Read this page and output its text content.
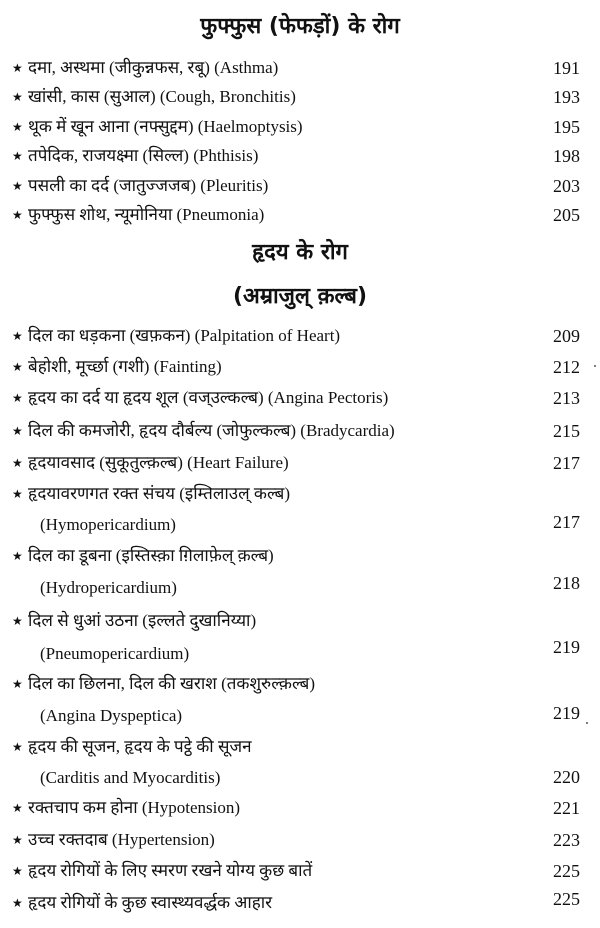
फुफ्फुस (फेफड़ों) के रोग
★ दमा, अस्थमा (जीकुन्नफस, रबू) (Asthma)	191
★ खांसी, कास (सुआल) (Cough, Bronchitis)	193
★ थूक में खून आना (नफ्सुद्दम) (Haelmoptysis)	195
★ तपेदिक, राजयक्ष्मा (सिल्ल) (Phthisis)	198
★ पसली का दर्द (जातुज्जजब) (Pleuritis)	203
★ फुफ्फुस शोथ, न्यूमोनिया (Pneumonia)	205
हृदय के रोग
(अम्राजुल् क़ल्ब)
★ दिल का धड़कना (खफ़कन) (Palpitation of Heart)	209
★ बेहोशी, मूर्च्छा (गशी) (Fainting)	212
★ हृदय का दर्द या हृदय शूल (वज्उल्कल्ब) (Angina Pectoris)	213
★ दिल की कमजोरी, हृदय दौर्बल्य (जोफुल्कल्ब) (Bradycardia)	215
★ हृदयावसाद (सुकूतुल्क़ल्ब) (Heart Failure)	217
★ हृदयावरणगत रक्त संचय (इम्तिलाउल् कल्ब)
(Hymopericardium)	217
★ दिल का डूबना (इस्तिस्क़ा ग़िलाफ़ेल् क़ल्ब)
(Hydropericardium)	218
★ दिल से धुआं उठना (इल्लते दुखानिय्या)
(Pneumopericardium)	219
★ दिल का छिलना, दिल की खराश (तकशुरुल्क़ल्ब)
(Angina Dyspeptica)	219
★ हृदय की सूजन, हृदय के पट्ठे की सूजन
(Carditis and Myocarditis)	220
★ रक्तचाप कम होना (Hypotension)	221
★ उच्च रक्तदाब (Hypertension)	223
★ हृदय रोगियों के लिए स्मरण रखने योग्य कुछ बातें	225
★ हृदय रोगियों के कुछ स्वास्थ्यवर्द्धक आहार	225
